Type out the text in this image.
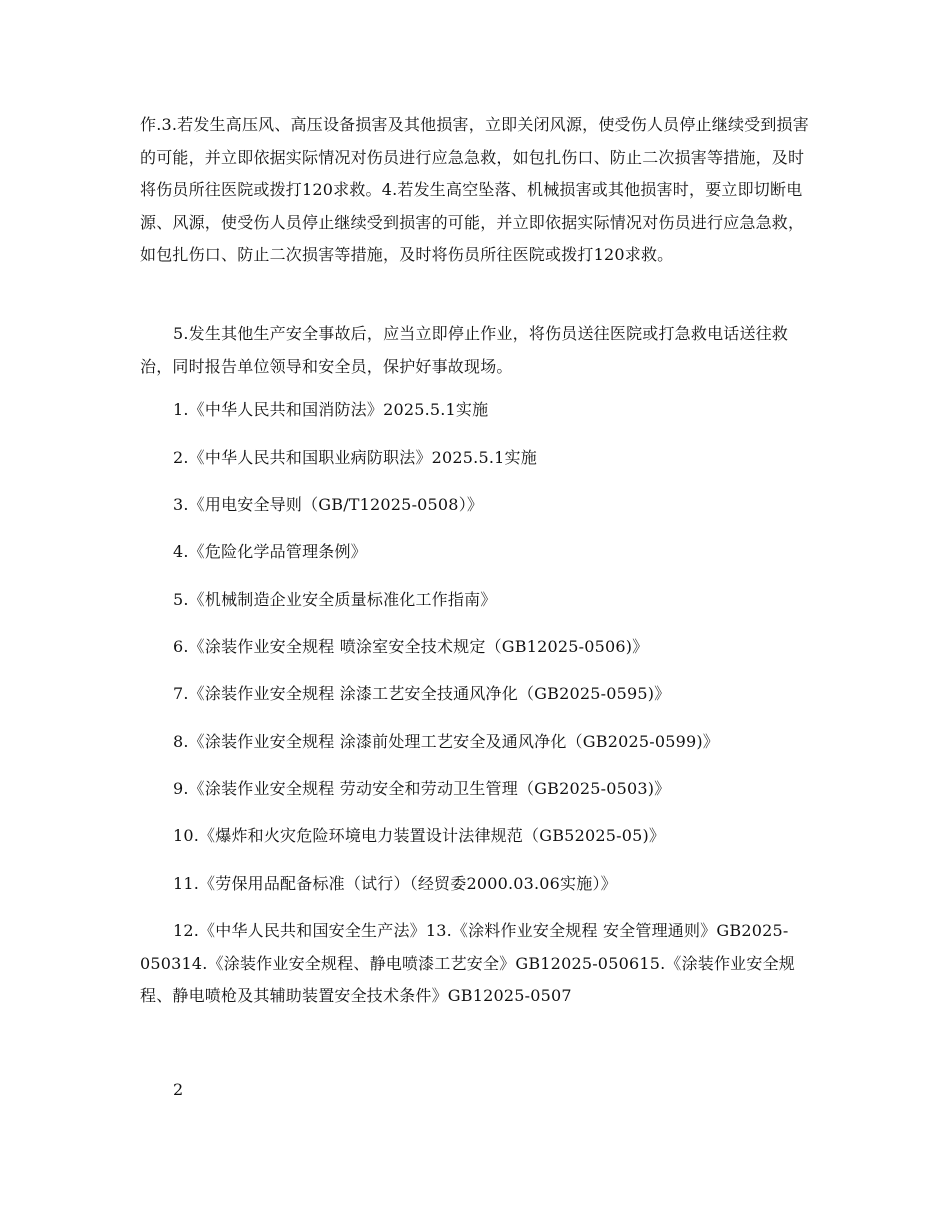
作.3.若发生高压风、高压设备损害及其他损害，立即关闭风源，使受伤人员停止继续受到损害的可能，并立即依据实际情况对伤员进行应急急救，如包扎伤口、防止二次损害等措施，及时将伤员所往医院或拨打120求救。4.若发生高空坠落、机械损害或其他损害时，要立即切断电源、风源，使受伤人员停止继续受到损害的可能，并立即依据实际情况对伤员进行应急急救，如包扎伤口、防止二次损害等措施，及时将伤员所往医院或拨打120求救。

5.发生其他生产安全事故后，应当立即停止作业，将伤员送往医院或打急救电话送往救治，同时报告单位领导和安全员，保护好事故现场。

1.《中华人民共和国消防法》2025.5.1实施

2.《中华人民共和国职业病防职法》2025.5.1实施

3.《用电安全导则（GB/T12025-0508）》

4.《危险化学品管理条例》

5.《机械制造企业安全质量标准化工作指南》

6.《涂装作业安全规程 喷涂室安全技术规定（GB12025-0506)》

7.《涂装作业安全规程 涂漆工艺安全技通风净化（GB2025-0595)》

8.《涂装作业安全规程 涂漆前处理工艺安全及通风净化（GB2025-0599)》

9.《涂装作业安全规程 劳动安全和劳动卫生管理（GB2025-0503)》

10.《爆炸和火灾危险环境电力装置设计法律规范（GB52025-05)》

11.《劳保用品配备标准（试行）（经贸委2000.03.06实施）》

12.《中华人民共和国安全生产法》13.《涂料作业安全规程 安全管理通则》GB2025-050314.《涂装作业安全规程、静电喷漆工艺安全》GB12025-050615.《涂装作业安全规程、静电喷枪及其辅助装置安全技术条件》GB12025-0507

2
